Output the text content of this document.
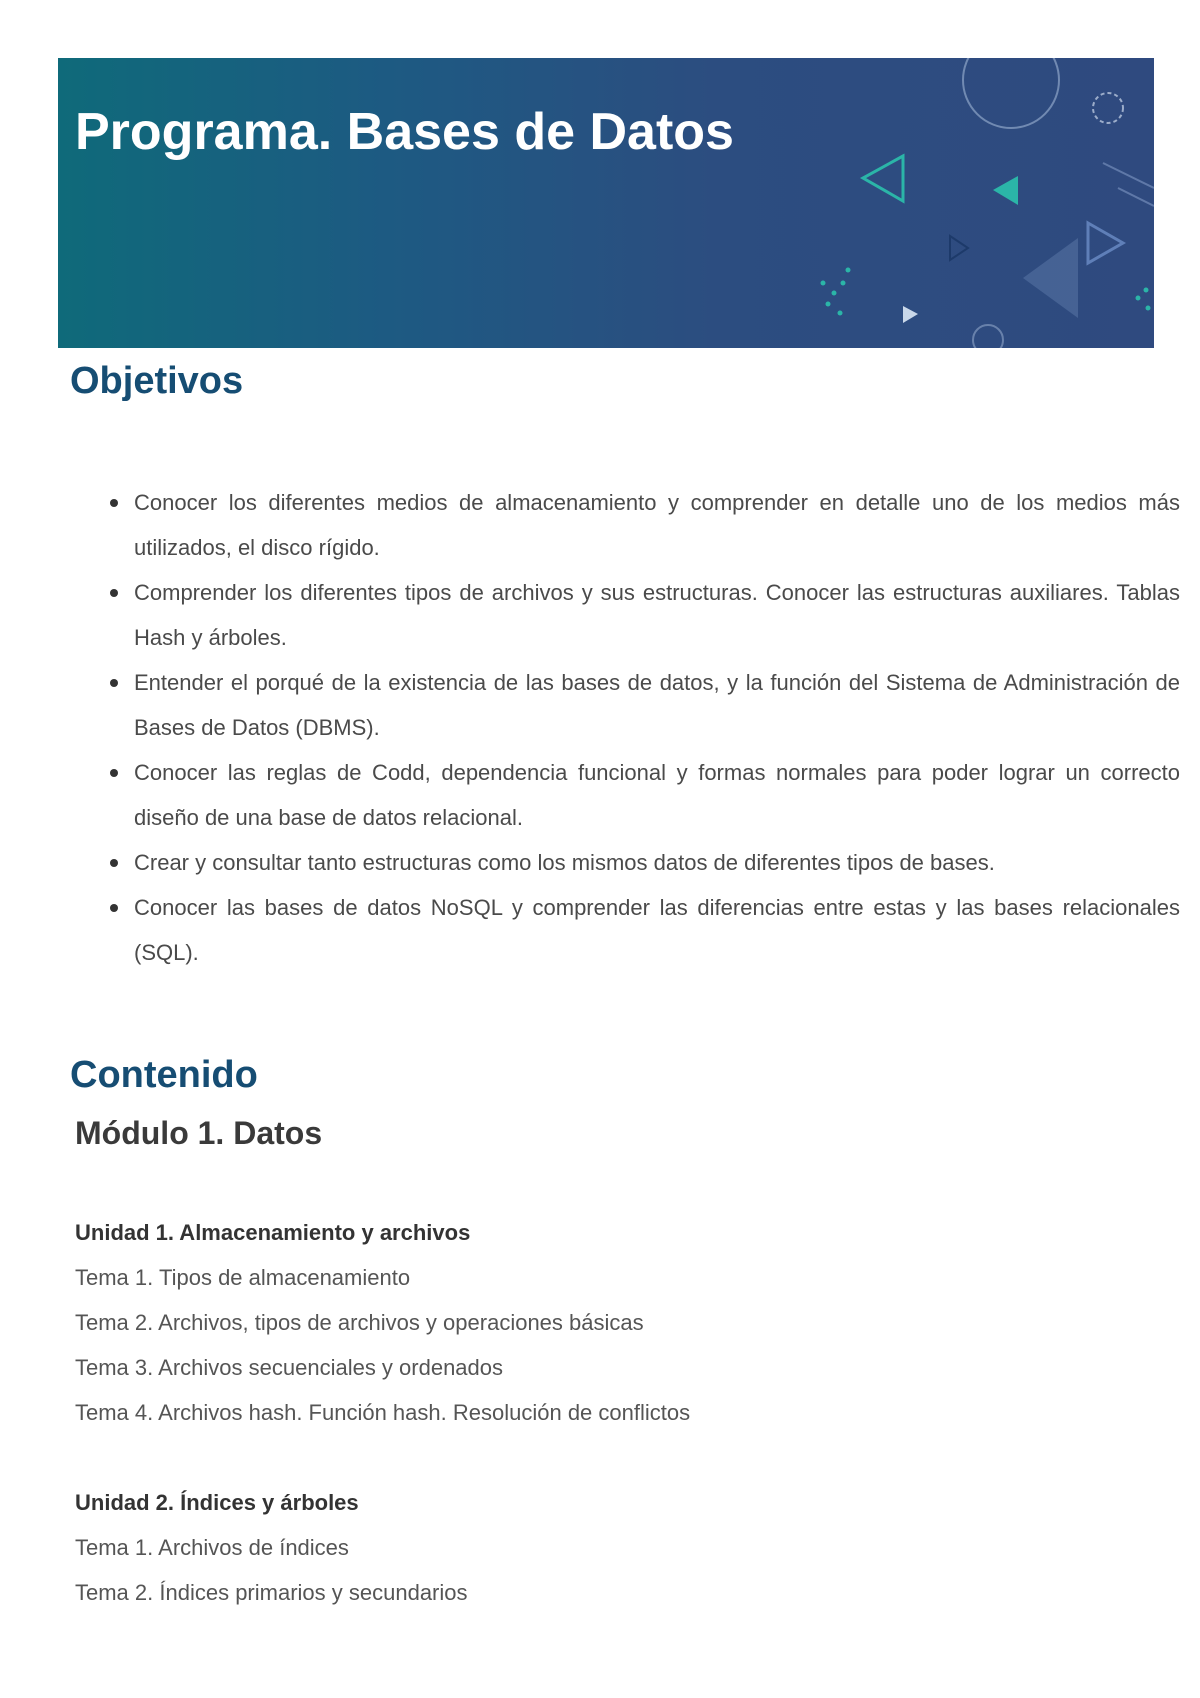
Programa. Bases de Datos
Objetivos
Conocer los diferentes medios de almacenamiento y comprender en detalle uno de los medios más utilizados, el disco rígido.
Comprender los diferentes tipos de archivos y sus estructuras. Conocer las estructuras auxiliares. Tablas Hash y árboles.
Entender el porqué de la existencia de las bases de datos, y la función del Sistema de Administración de Bases de Datos (DBMS).
Conocer las reglas de Codd, dependencia funcional y formas normales para poder lograr un correcto diseño de una base de datos relacional.
Crear y consultar tanto estructuras como los mismos datos de diferentes tipos de bases.
Conocer las bases de datos NoSQL y comprender las diferencias entre estas y las bases relacionales (SQL).
Contenido
Módulo 1. Datos
Unidad 1. Almacenamiento y archivos
Tema 1. Tipos de almacenamiento
Tema 2. Archivos, tipos de archivos y operaciones básicas
Tema 3. Archivos secuenciales y ordenados
Tema 4. Archivos hash. Función hash. Resolución de conflictos
Unidad 2. Índices y árboles
Tema 1. Archivos de índices
Tema 2. Índices primarios y secundarios
